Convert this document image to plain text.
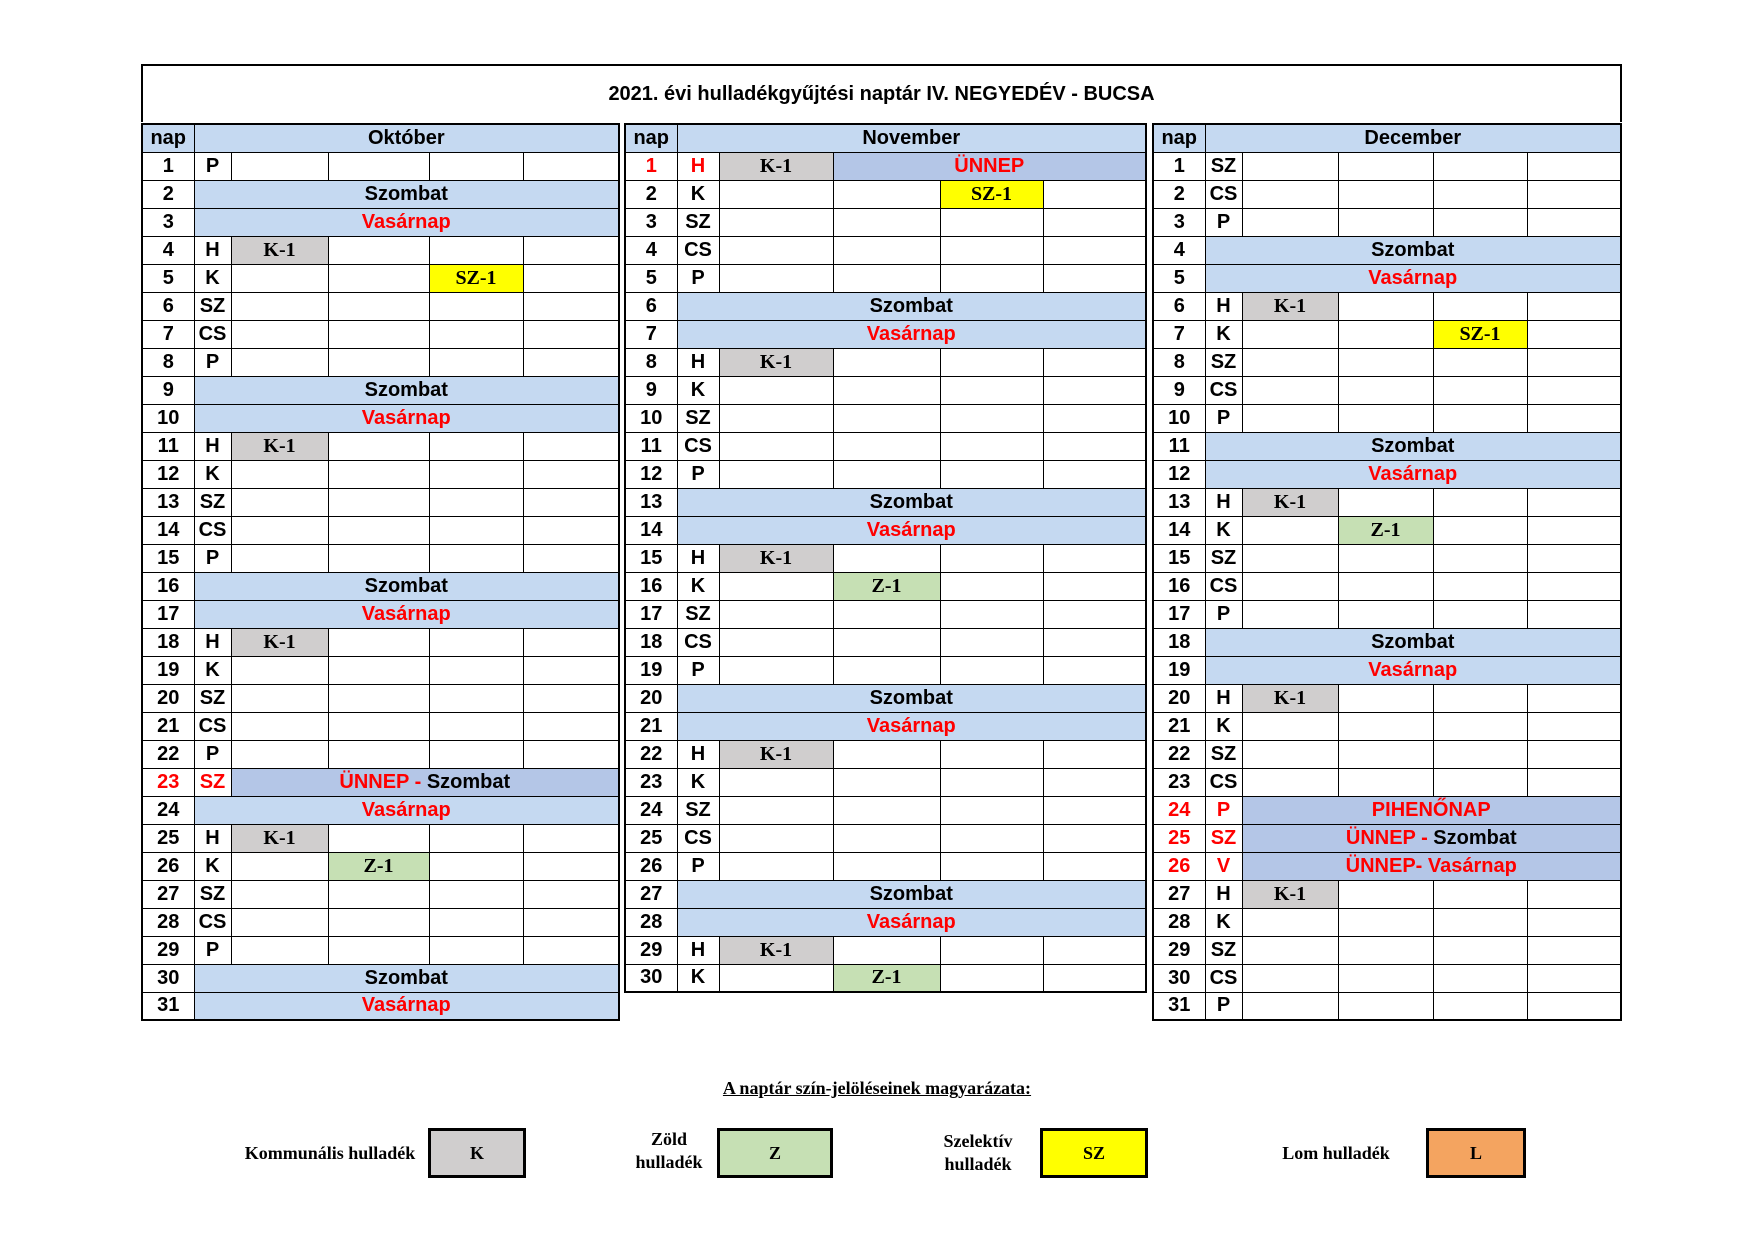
2021. évi hulladékgyűjtési naptár IV. NEGYEDÉV - BUCSA
nap	Október				
1	P				
2	Szombat				
3	Vasárnap				
4	H	K-1			
5	K			SZ-1	
6	SZ				
7	CS				
8	P				
9	Szombat				
10	Vasárnap				
11	H	K-1			
12	K				
13	SZ				
14	CS				
15	P				
16	Szombat				
17	Vasárnap				
18	H	K-1			
19	K				
20	SZ				
21	CS				
22	P				
23	SZ	ÜNNEP - Szombat			
24	Vasárnap				
25	H	K-1			
26	K		Z-1		
27	SZ				
28	CS				
29	P				
30	Szombat				
31	Vasárnap				
nap	November				
1	H	K-1	ÜNNEP		
2	K			SZ-1	
3	SZ				
4	CS				
5	P				
6	Szombat				
7	Vasárnap				
8	H	K-1			
9	K				
10	SZ				
11	CS				
12	P				
13	Szombat				
14	Vasárnap				
15	H	K-1			
16	K		Z-1		
17	SZ				
18	CS				
19	P				
20	Szombat				
21	Vasárnap				
22	H	K-1			
23	K				
24	SZ				
25	CS				
26	P				
27	Szombat				
28	Vasárnap				
29	H	K-1			
30	K		Z-1		
nap	December				
1	SZ				
2	CS				
3	P				
4	Szombat				
5	Vasárnap				
6	H	K-1			
7	K			SZ-1	
8	SZ				
9	CS				
10	P				
11	Szombat				
12	Vasárnap				
13	H	K-1			
14	K		Z-1		
15	SZ				
16	CS				
17	P				
18	Szombat				
19	Vasárnap				
20	H	K-1			
21	K				
22	SZ				
23	CS				
24	P	PIHENŐNAP			
25	SZ	ÜNNEP - Szombat			
26	V	ÜNNEP- Vasárnap			
27	H	K-1			
28	K				
29	SZ				
30	CS				
31	P				
A naptár szín-jelöléseinek magyarázata:
Kommunális hulladék	K
Zöld hulladék	Z
Szelektív hulladék
SZ	Lom hulladék	L
